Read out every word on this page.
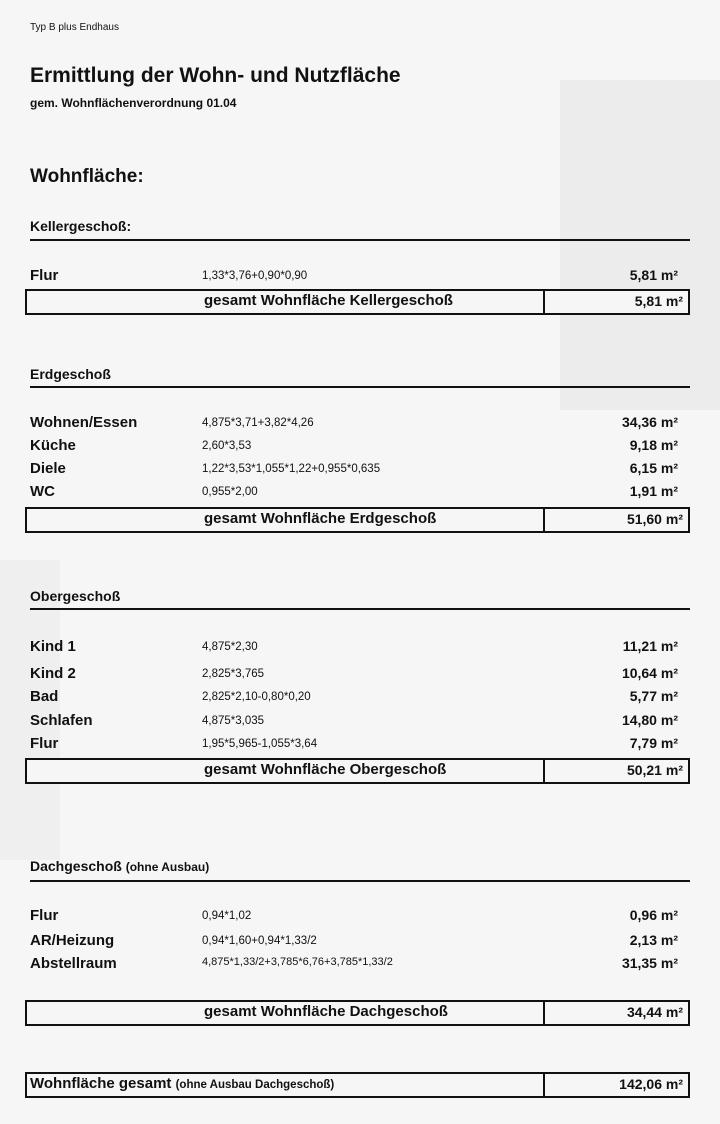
Typ B plus Endhaus
Ermittlung der Wohn- und Nutzfläche
gem. Wohnflächenverordnung 01.04
Wohnfläche:
Kellergeschoß:
Flur	1,33*3,76+0,90*0,90	5,81 m²
gesamt Wohnfläche Kellergeschoß	5,81 m²
Erdgeschoß
Wohnen/Essen	4,875*3,71+3,82*4,26	34,36 m²
Küche	2,60*3,53	9,18 m²
Diele	1,22*3,53*1,055*1,22+0,955*0,635	6,15 m²
WC	0,955*2,00	1,91 m²
gesamt Wohnfläche Erdgeschoß	51,60 m²
Obergeschoß
Kind 1	4,875*2,30	11,21 m²
Kind 2	2,825*3,765	10,64 m²
Bad	2,825*2,10-0,80*0,20	5,77 m²
Schlafen	4,875*3,035	14,80 m²
Flur	1,95*5,965-1,055*3,64	7,79 m²
gesamt Wohnfläche Obergeschoß	50,21 m²
Dachgeschoß (ohne Ausbau)
Flur	0,94*1,02	0,96 m²
AR/Heizung	0,94*1,60+0,94*1,33/2	2,13 m²
Abstellraum	4,875*1,33/2+3,785*6,76+3,785*1,33/2	31,35 m²
gesamt Wohnfläche Dachgeschoß	34,44 m²
Wohnfläche gesamt (ohne Ausbau Dachgeschoß)	142,06 m²
